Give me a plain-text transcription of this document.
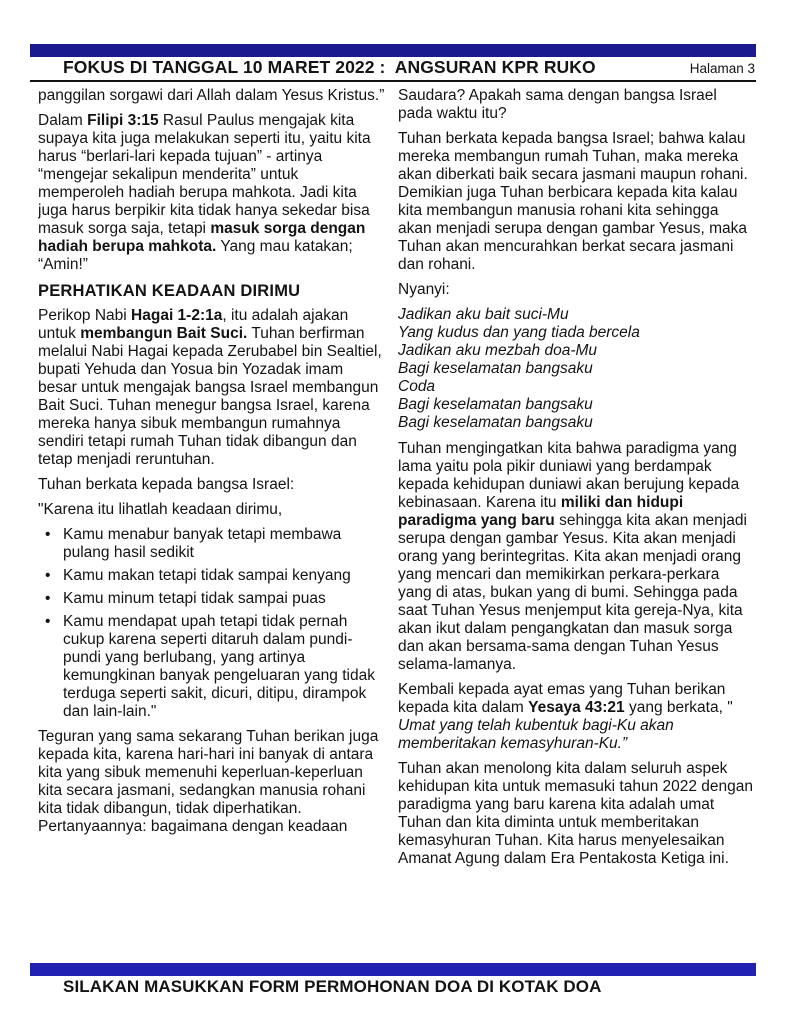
FOKUS DI TANGGAL 10 MARET 2022 :  ANGSURAN KPR RUKO	Halaman 3
panggilan sorgawi dari Allah dalam Yesus Kristus.”
Dalam Filipi 3:15 Rasul Paulus mengajak kita supaya kita juga melakukan seperti itu, yaitu kita harus “berlari-lari kepada tujuan” - artinya “mengejar sekalipun menderita” untuk memperoleh hadiah berupa mahkota. Jadi kita juga harus berpikir kita tidak hanya sekedar bisa masuk sorga saja, tetapi masuk sorga dengan hadiah berupa mahkota. Yang mau katakan; “Amin!”
PERHATIKAN KEADAAN DIRIMU
Perikop Nabi Hagai 1-2:1a, itu adalah ajakan untuk membangun Bait Suci. Tuhan berfirman melalui Nabi Hagai kepada Zerubabel bin Sealtiel, bupati Yehuda dan Yosua bin Yozadak imam besar untuk mengajak bangsa Israel membangun Bait Suci. Tuhan menegur bangsa Israel, karena mereka hanya sibuk membangun rumahnya sendiri tetapi rumah Tuhan tidak dibangun dan tetap menjadi reruntuhan.
Tuhan berkata kepada bangsa Israel:
"Karena itu lihatlah keadaan dirimu,
• Kamu menabur banyak tetapi membawa pulang hasil sedikit
• Kamu makan tetapi tidak sampai kenyang
• Kamu minum tetapi tidak sampai puas
• Kamu mendapat upah tetapi tidak pernah cukup karena seperti ditaruh dalam pundi-pundi yang berlubang, yang artinya kemungkinan banyak pengeluaran yang tidak terduga seperti sakit, dicuri, ditipu, dirampok dan lain-lain."
Teguran yang sama sekarang Tuhan berikan juga kepada kita, karena hari-hari ini banyak di antara kita yang sibuk memenuhi keperluan-keperluan kita secara jasmani, sedangkan manusia rohani kita tidak dibangun, tidak diperhatikan. Pertanyaannya: bagaimana dengan keadaan
Saudara? Apakah sama dengan bangsa Israel pada waktu itu?
Tuhan berkata kepada bangsa Israel; bahwa kalau mereka membangun rumah Tuhan, maka mereka akan diberkati baik secara jasmani maupun rohani. Demikian juga Tuhan berbicara kepada kita kalau kita membangun manusia rohani kita sehingga akan menjadi serupa dengan gambar Yesus, maka Tuhan akan mencurahkan berkat secara jasmani dan rohani.
Nyanyi:
Jadikan aku bait suci-Mu
Yang kudus dan yang tiada bercela
Jadikan aku mezbah doa-Mu
Bagi keselamatan bangsaku
Coda
Bagi keselamatan bangsaku
Bagi keselamatan bangsaku
Tuhan mengingatkan kita bahwa paradigma yang lama yaitu pola pikir duniawi yang berdampak kepada kehidupan duniawi akan berujung kepada kebinasaan. Karena itu miliki dan hidupi paradigma yang baru sehingga kita akan menjadi serupa dengan gambar Yesus. Kita akan menjadi orang yang berintegritas. Kita akan menjadi orang yang mencari dan memikirkan perkara-perkara yang di atas, bukan yang di bumi. Sehingga pada saat Tuhan Yesus menjemput kita gereja-Nya, kita akan ikut dalam pengangkatan dan masuk sorga dan akan bersama-sama dengan Tuhan Yesus selama-lamanya.
Kembali kepada ayat emas yang Tuhan berikan kepada kita dalam Yesaya 43:21 yang berkata, " Umat yang telah kubentuk bagi-Ku akan memberitakan kemasyhuran-Ku.”
Tuhan akan menolong kita dalam seluruh aspek kehidupan kita untuk memasuki tahun 2022 dengan paradigma yang baru karena kita adalah umat Tuhan dan kita diminta untuk memberitakan kemasyhuran Tuhan. Kita harus menyelesaikan Amanat Agung dalam Era Pentakosta Ketiga ini.
SILAKAN MASUKKAN FORM PERMOHONAN DOA DI KOTAK DOA
